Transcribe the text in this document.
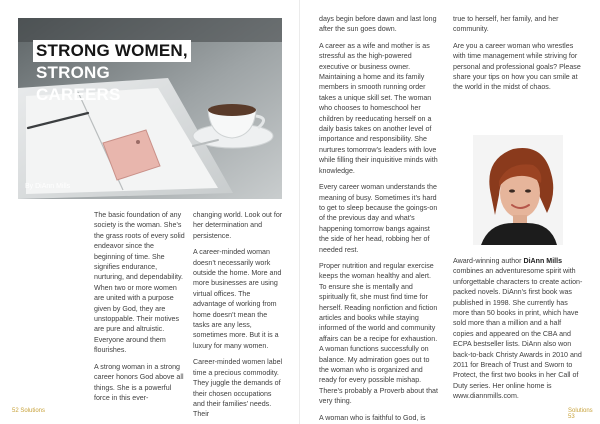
STRONG WOMEN,

STRONG CAREERS
By DiAnn Mills

The basic foundation of any society is the woman. She’s the grass roots of every solid endeavor since the beginning of time. She signifies endurance, nurturing, and dependability. When two or more women are united with a purpose given by God, they are unstoppable. Their motives are pure and altruistic. Everyone around them flourishes.

A strong woman in a strong career honors God above all things. She is a powerful force in this ever-

changing world. Look out for her determination and persistence.

A career-minded woman doesn’t necessarily work outside the home. More and more businesses are using virtual offices. The advantage of working from home doesn’t mean the tasks are any less, sometimes more. But it is a luxury for many women.

Career-minded women label time a precious commodity. They juggle the demands of their chosen occupations and their families’ needs. Their

52 Solutions

days begin before dawn and last long after the sun goes down.

A career as a wife and mother is as stressful as the high-powered executive or business owner. Maintaining a home and its family members in smooth running order takes a unique skill set. The woman who chooses to homeschool her children by reeducating herself on a daily basis takes on another level of importance and responsibility. She nurtures tomorrow’s leaders with love while filling their inquisitive minds with knowledge.

Every career woman understands the meaning of busy. Sometimes it’s hard to get to sleep because the goings-on of the previous day and what’s happening tomorrow bangs against the side of her head, robbing her of needed rest.

Proper nutrition and regular exercise keeps the woman healthy and alert. To ensure she is mentally and spiritually fit, she must find time for herself. Reading nonfiction and fiction articles and books while staying informed of the world and community affairs can be a recipe for exhaustion. A woman functions successfully on balance. My admiration goes out to the woman who is organized and ready for every possible mishap. There’s probably a Proverb about that very thing.

A woman who is faithful to God, is

true to herself, her family, and her community.

Are you a career woman who wrestles with time management while striving for personal and professional goals? Please share your tips on how you can smile at the world in the midst of chaos.

Award-winning author DiAnn Mills combines an adventuresome spirit with unforgettable characters to create action-packed novels. DiAnn’s first book was published in 1998. She currently has more than 50 books in print, which have sold more than a million and a half copies and appeared on the CBA and ECPA bestseller lists. DiAnn also won back-to-back Christy Awards in 2010 and 2011 for Breach of Trust and Sworn to Protect, the first two books in her Call of Duty series. Her online home is www.diannmills.com.

Solutions 53
